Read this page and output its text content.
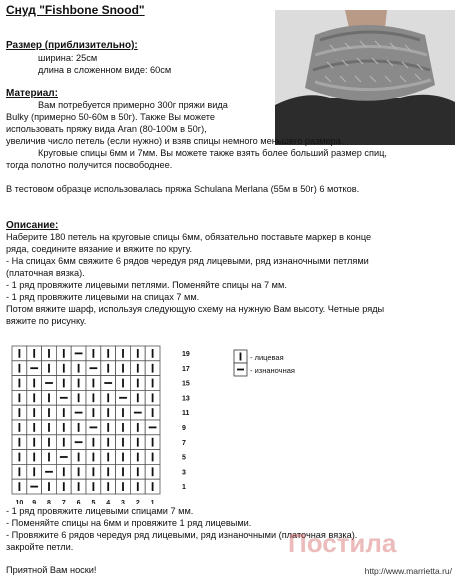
Снуд "Fishbone Snood"
Размер (приблизительно):
ширина: 25см
длина в сложенном виде: 60см
Материал:
Вам потребуется примерно 300г пряжи вида
Bulky (примерно 50-60м в 50г). Также Вы можете
использовать пряжу вида Aran (80-100м в 50г),
увеличив число петель (если нужно) и взяв спицы немного меньшего размера.
Круговые спицы 6мм и 7мм. Вы можете также взять более больший размер спиц,
тогда полотно получится посвободнее.
В тестовом образце использовалась пряжа Schulana Merlana (55м в 50г) 6 мотков.
Описание:
Наберите 180 петель на круговые спицы 6мм, обязательно поставьте маркер в конце
ряда, соедините вязание и вяжите по кругу.
- На спицах 6мм свяжите 6 рядов чередуя ряд лицевыми, ряд изнаночными петлями
(платочная вязка).
- 1 ряд провяжите лицевыми петлями. Поменяйте спицы на 7 мм.
- 1 ряд провяжите лицевыми на спицах 7 мм.
Потом вяжите шарф, используя следующую схему на нужную Вам высоту. Четные ряды
вяжите по рисунку.
19
17
15
13
11
9
7
5
3
1
10 9 8 7 6 5 4 3 2 1
- лицевая
- изнаночная
- 1 ряд провяжите лицевыми спицами 7 мм.
- Поменяйте спицы на 6мм и провяжите 1 ряд лицевыми.
- Провяжите 6 рядов чередуя ряд лицевыми, ряд изнаночными (платочная вязка).
закройте петли.
Приятной Вам носки!
Постила
http://www.marrietta.ru/
